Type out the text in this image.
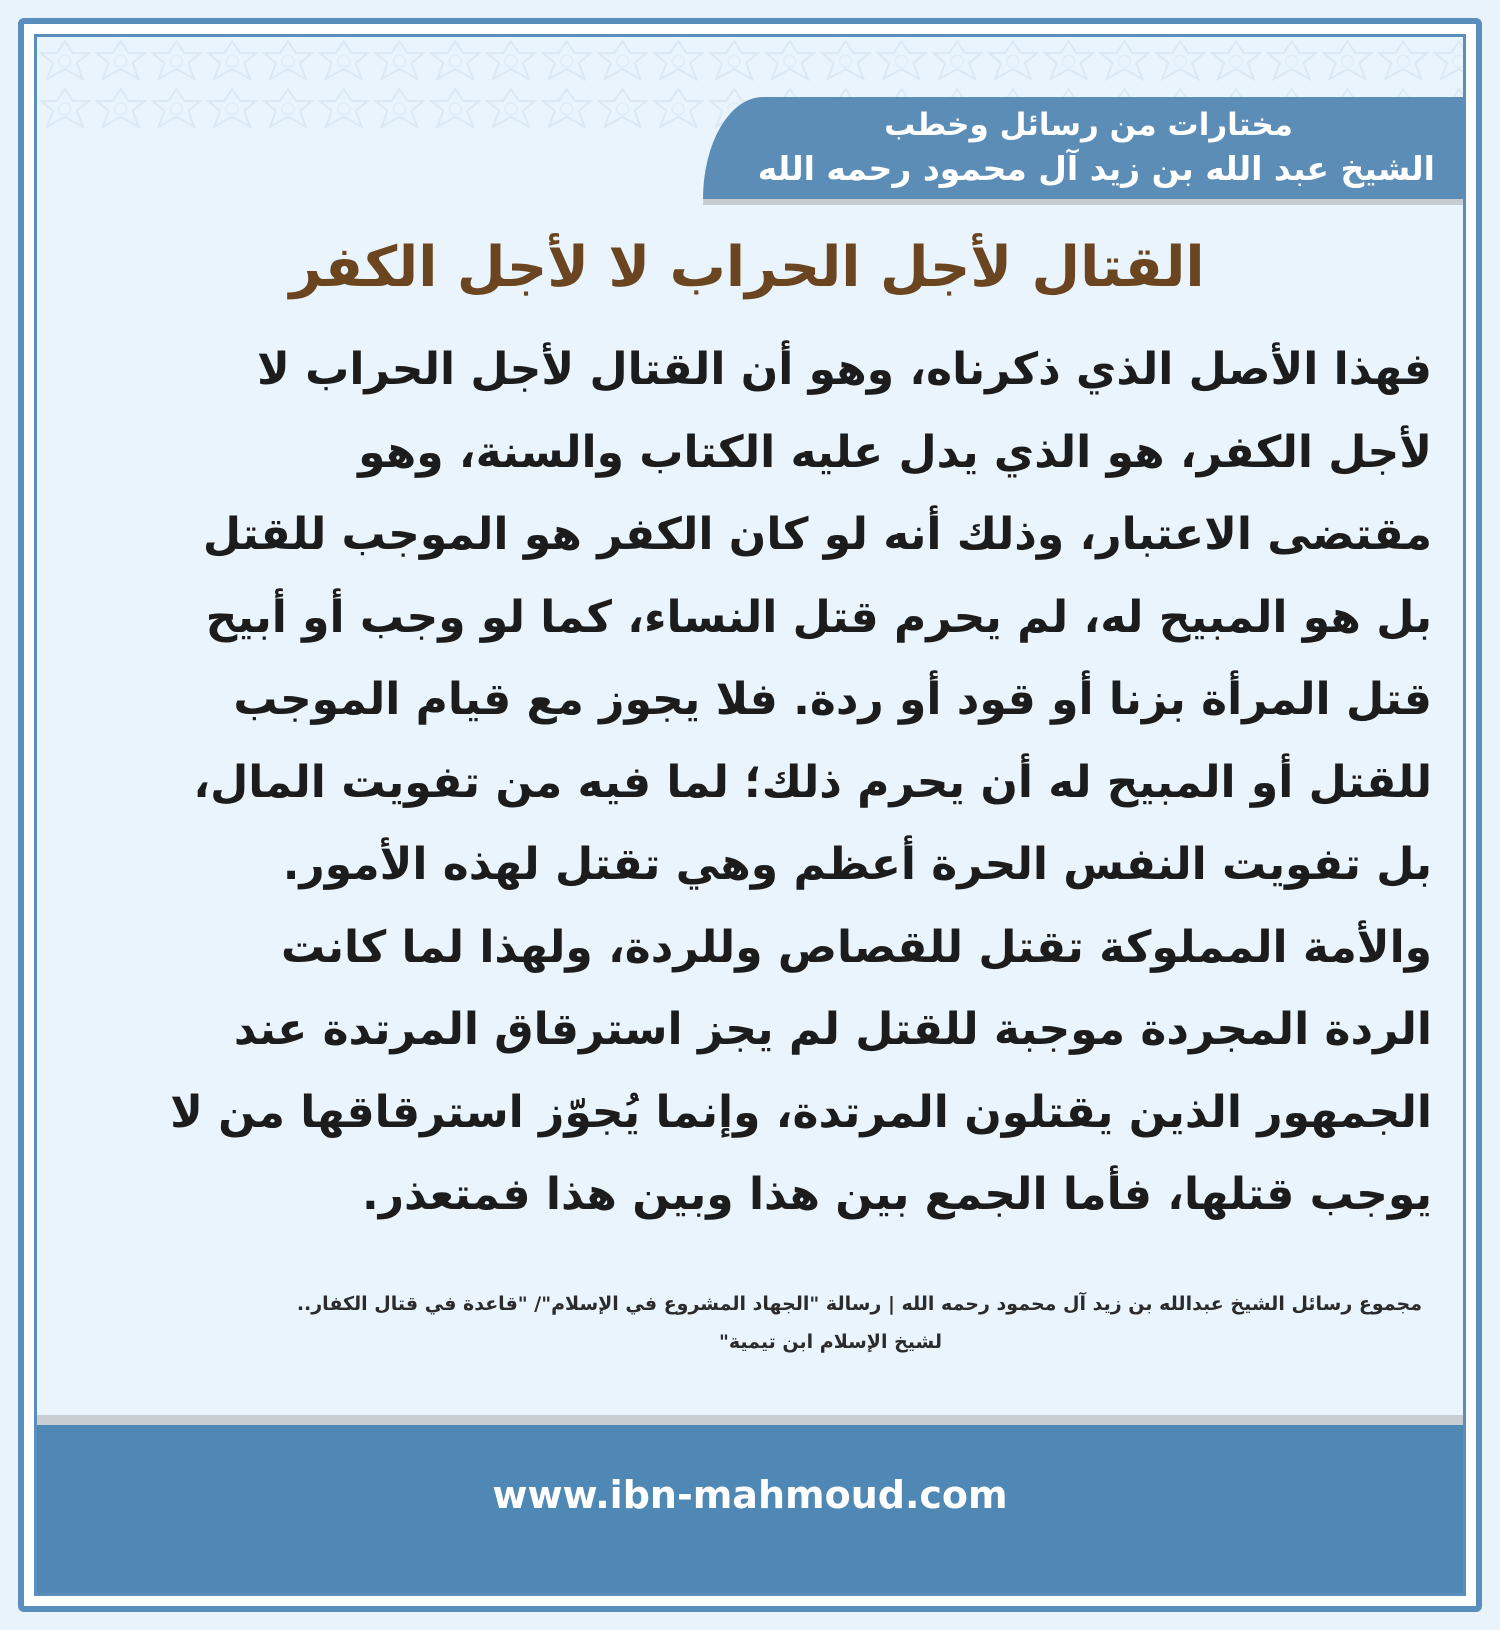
مختارات من رسائل وخطب
الشيخ عبد الله بن زيد آل محمود رحمه الله
القتال لأجل الحراب لا لأجل الكفر
فهذا الأصل الذي ذكرناه، وهو أن القتال لأجل الحراب لا
لأجل الكفر، هو الذي يدل عليه الكتاب والسنة، وهو
مقتضى الاعتبار، وذلك أنه لو كان الكفر هو الموجب للقتل
بل هو المبيح له، لم يحرم قتل النساء، كما لو وجب أو أبيح
قتل المرأة بزنا أو قود أو ردة. فلا يجوز مع قيام الموجب
للقتل أو المبيح له أن يحرم ذلك؛ لما فيه من تفويت المال،
بل تفويت النفس الحرة أعظم وهي تقتل لهذه الأمور.
والأمة المملوكة تقتل للقصاص وللردة، ولهذا لما كانت
الردة المجردة موجبة للقتل لم يجز استرقاق المرتدة عند
الجمهور الذين يقتلون المرتدة، وإنما يُجوّز استرقاقها من لا
يوجب قتلها، فأما الجمع بين هذا وبين هذا فمتعذر.
مجموع رسائل الشيخ عبدالله بن زيد آل محمود رحمه الله | رسالة "الجهاد المشروع في الإسلام"/ "قاعدة في قتال الكفار..
لشيخ الإسلام ابن تيمية"
www.ibn-mahmoud.com
